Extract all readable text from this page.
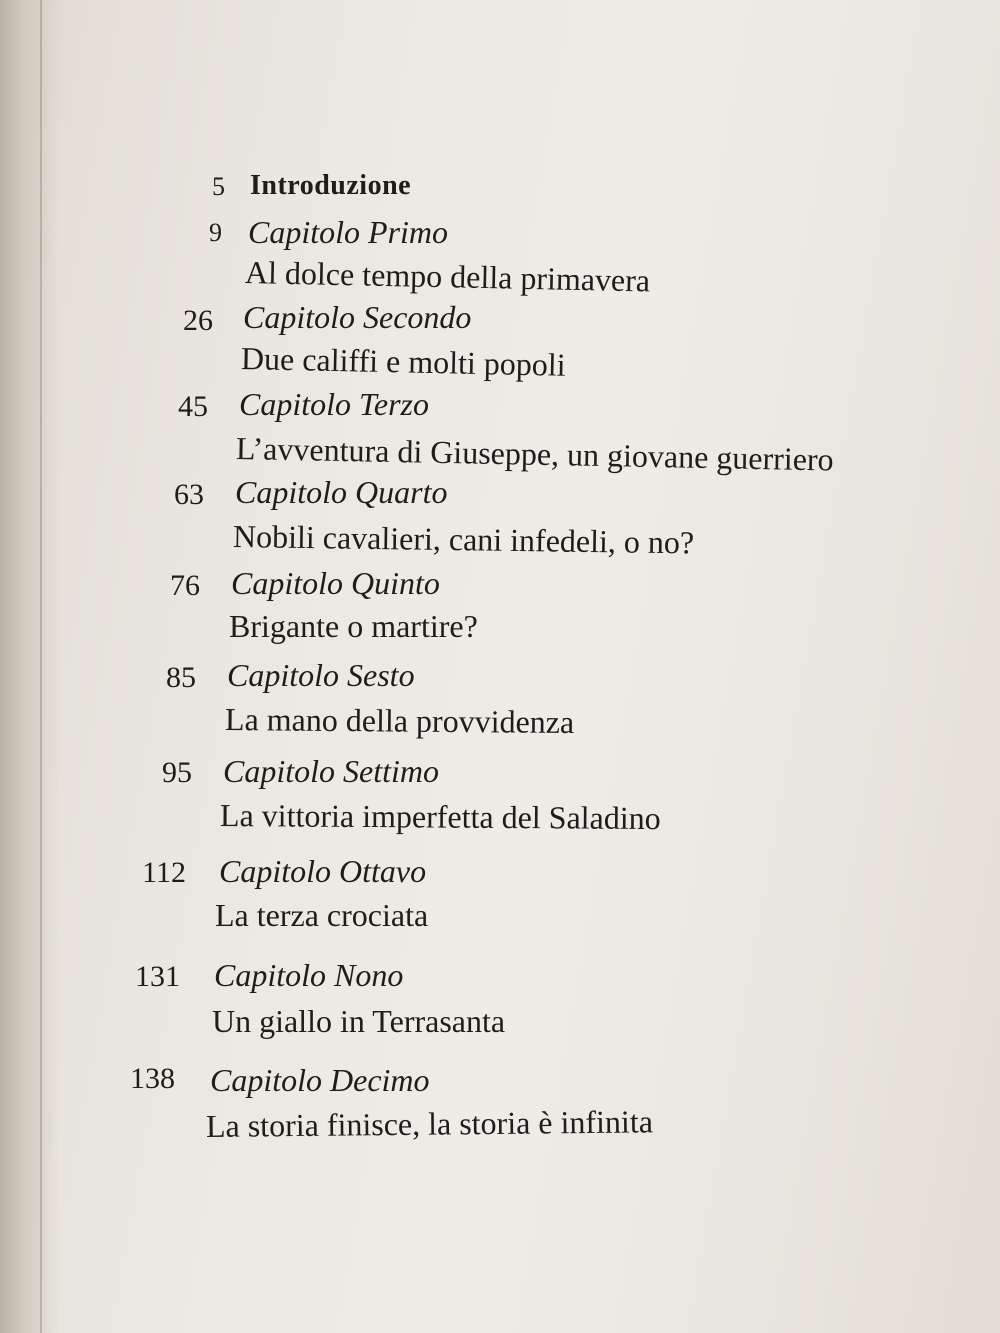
5 Introduzione
9 Capitolo Primo
Al dolce tempo della primavera
26 Capitolo Secondo
Due califfi e molti popoli
45 Capitolo Terzo
L’avventura di Giuseppe, un giovane guerriero
63 Capitolo Quarto
Nobili cavalieri, cani infedeli, o no?
76 Capitolo Quinto
Brigante o martire?
85 Capitolo Sesto
La mano della provvidenza
95 Capitolo Settimo
La vittoria imperfetta del Saladino
112 Capitolo Ottavo
La terza crociata
131 Capitolo Nono
Un giallo in Terrasanta
138 Capitolo Decimo
La storia finisce, la storia è infinita
